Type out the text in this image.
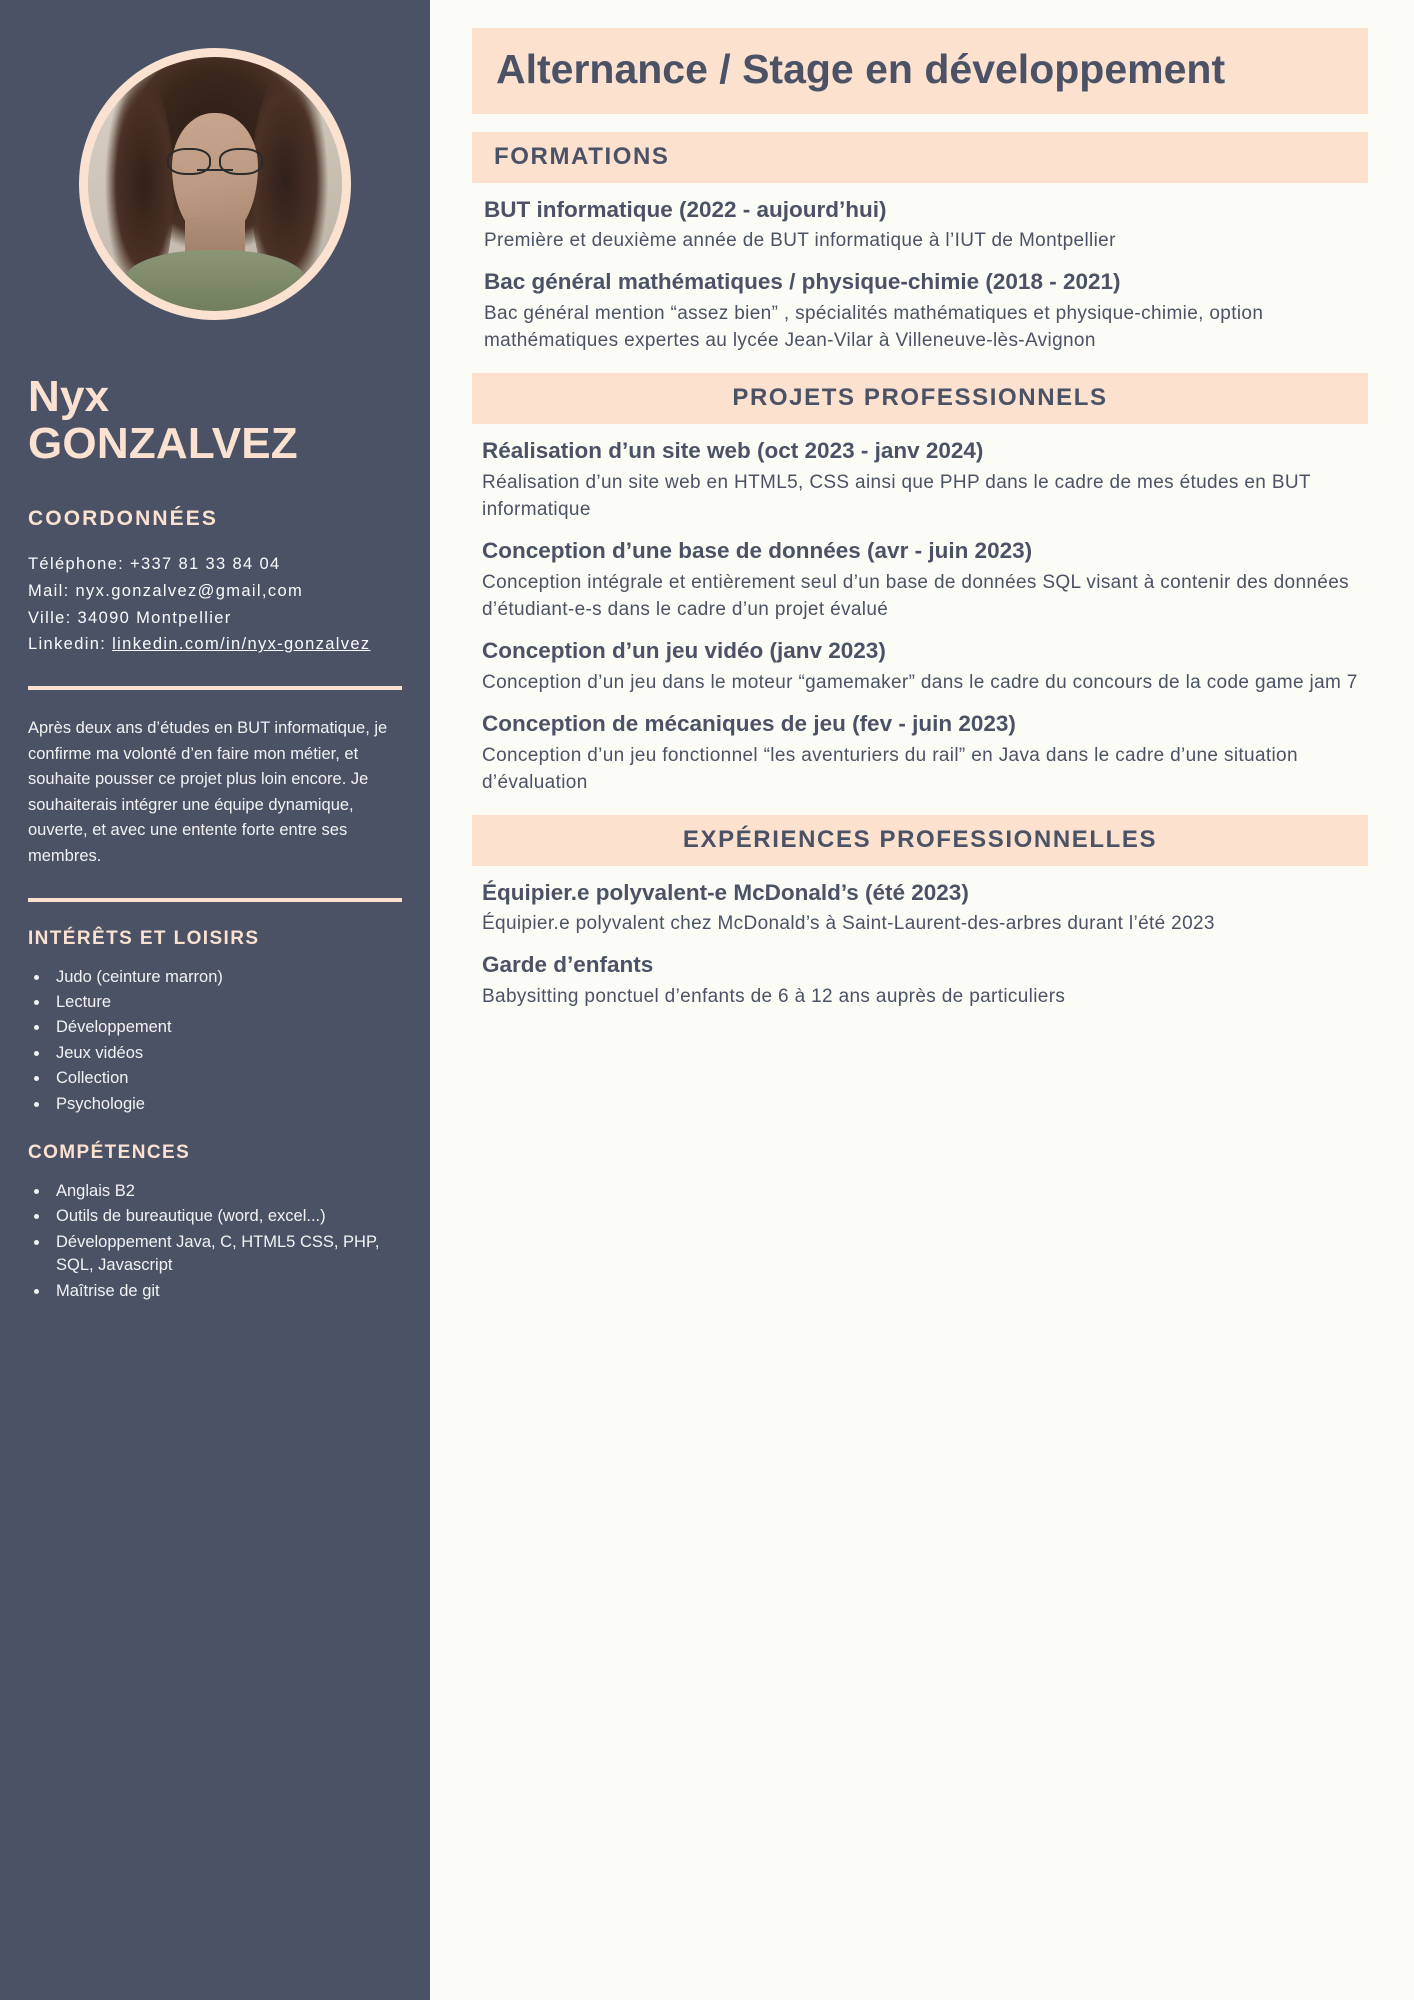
Nyx
GONZALVEZ
COORDONNÉES
Téléphone: +337 81 33 84 04
Mail: nyx.gonzalvez@gmail,com
Ville: 34090 Montpellier
Linkedin: linkedin.com/in/nyx-gonzalvez

Après deux ans d’études en BUT informatique, je confirme ma volonté d’en faire mon métier, et souhaite pousser ce projet plus loin encore. Je souhaiterais intégrer une équipe dynamique, ouverte, et avec une entente forte entre ses membres.

INTÉRÊTS ET LOISIRS
• Judo (ceinture marron)
• Lecture
• Développement
• Jeux vidéos
• Collection
• Psychologie
COMPÉTENCES
• Anglais B2
• Outils de bureautique (word, excel...)
• Développement Java, C, HTML5 CSS, PHP, SQL, Javascript
• Maîtrise de git
Alternance / Stage en développement
FORMATIONS
BUT informatique (2022 - aujourd’hui)

Première et deuxième année de BUT informatique à l’IUT de Montpellier

Bac général mathématiques / physique-chimie (2018 - 2021)

Bac général mention “assez bien” , spécialités mathématiques et physique-chimie, option mathématiques expertes au lycée Jean-Vilar à Villeneuve-lès-Avignon

PROJETS PROFESSIONNELS
Réalisation d’un site web (oct 2023 - janv 2024)

Réalisation d’un site web en HTML5, CSS ainsi que PHP dans le cadre de mes études en BUT informatique

Conception d’une base de données (avr - juin 2023)

Conception intégrale et entièrement seul d’un base de données SQL visant à contenir des données d’étudiant-e-s dans le cadre d’un projet évalué

Conception d’un jeu vidéo (janv 2023)

Conception d’un jeu dans le moteur “gamemaker” dans le cadre du concours de la code game jam 7

Conception de mécaniques de jeu (fev - juin 2023)

Conception d’un jeu fonctionnel “les aventuriers du rail” en Java dans le cadre d’une situation d’évaluation

EXPÉRIENCES PROFESSIONNELLES
Équipier.e polyvalent-e McDonald’s (été 2023)

Équipier.e polyvalent chez McDonald’s à Saint-Laurent-des-arbres durant l’été 2023

Garde d’enfants

Babysitting ponctuel d’enfants de 6 à 12 ans auprès de particuliers
